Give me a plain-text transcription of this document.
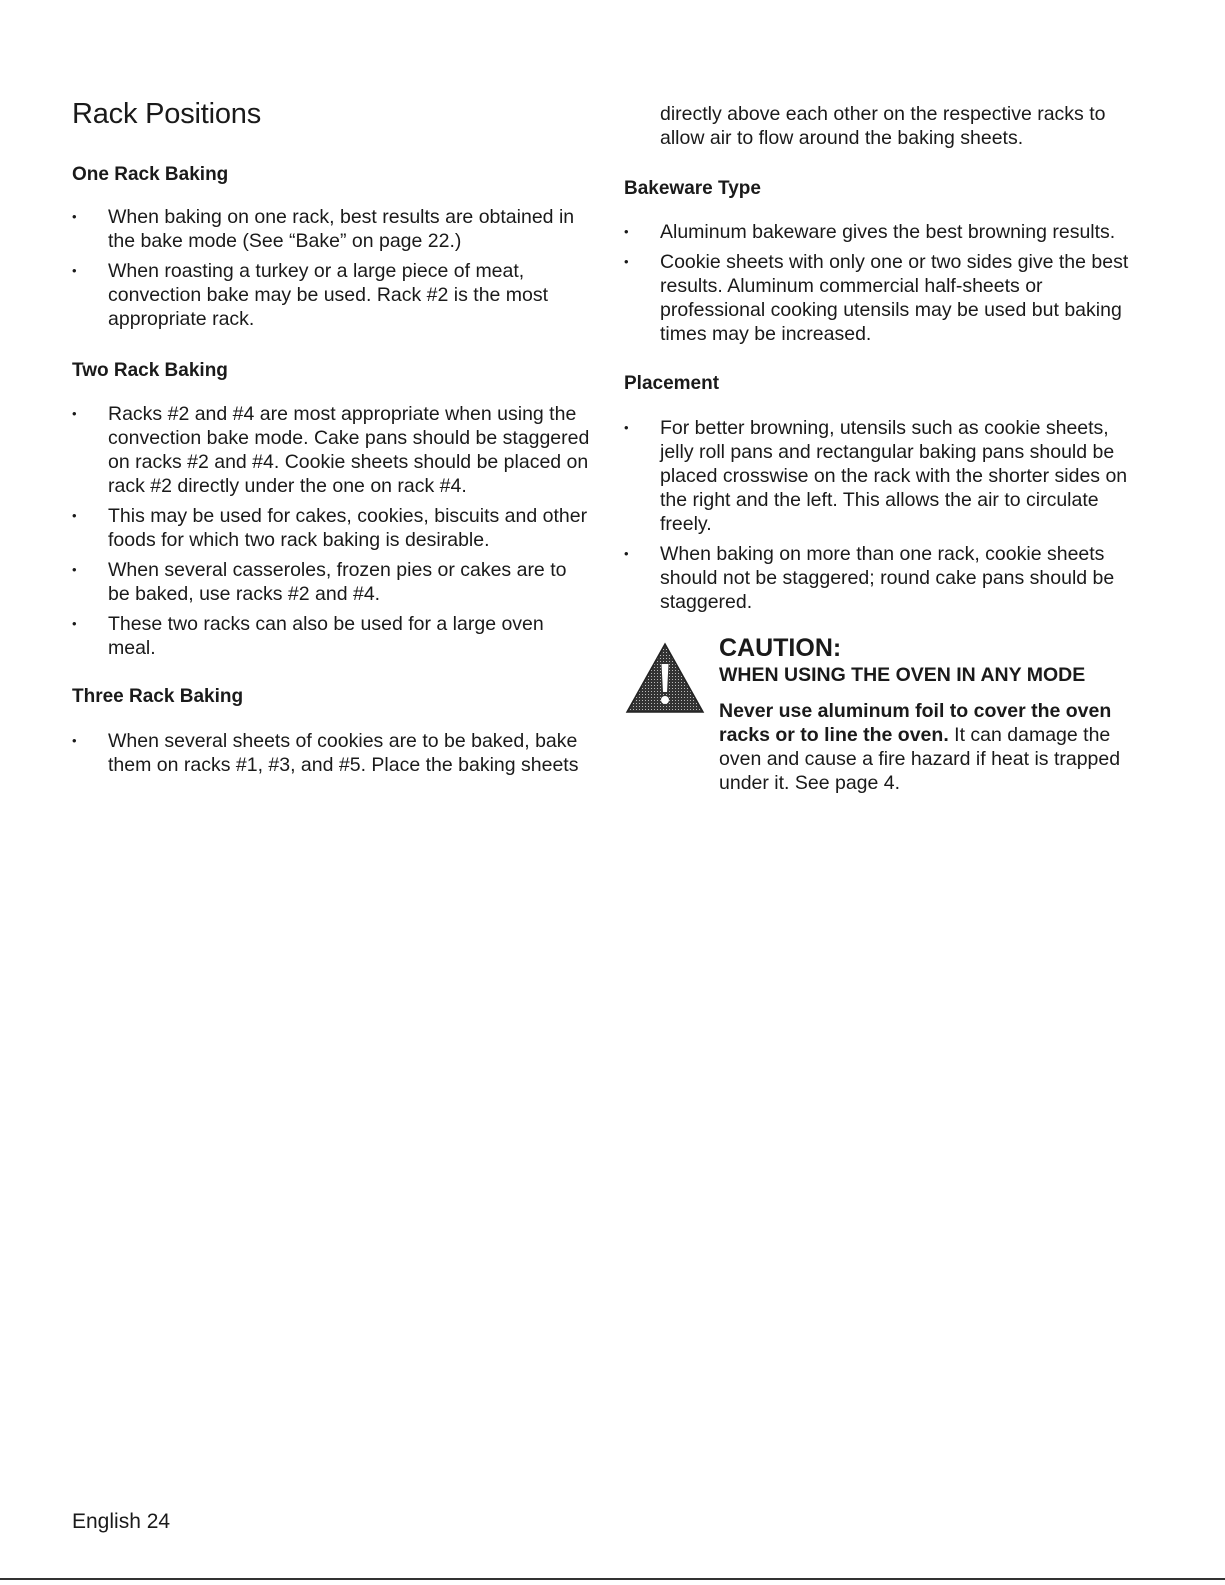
Rack Positions
One Rack Baking
• When baking on one rack, best results are obtained in the bake mode (See “Bake” on page 22.)
• When roasting a turkey or a large piece of meat, convection bake may be used. Rack #2 is the most appropriate rack.
Two Rack Baking
• Racks #2 and #4 are most appropriate when using the convection bake mode. Cake pans should be staggered on racks #2 and #4. Cookie sheets should be placed on rack #2 directly under the one on rack #4.
• This may be used for cakes, cookies, biscuits and other foods for which two rack baking is desirable.
• When several casseroles, frozen pies or cakes are to be baked, use racks #2 and #4.
• These two racks can also be used for a large oven meal.
Three Rack Baking
• When several sheets of cookies are to be baked, bake them on racks #1, #3, and #5. Place the baking sheets

directly above each other on the respective racks to allow air to flow around the baking sheets.

Bakeware Type
• Aluminum bakeware gives the best browning results.
• Cookie sheets with only one or two sides give the best results. Aluminum commercial half-sheets or professional cooking utensils may be used but baking times may be increased.
Placement
• For better browning, utensils such as cookie sheets, jelly roll pans and rectangular baking pans should be placed crosswise on the rack with the shorter sides on the right and the left. This allows the air to circulate freely.
• When baking on more than one rack, cookie sheets should not be staggered; round cake pans should be staggered.

CAUTION:

WHEN USING THE OVEN IN ANY MODE

Never use aluminum foil to cover the oven racks or to line the oven. It can damage the oven and cause a fire hazard if heat is trapped under it. See page 4.

English 24
